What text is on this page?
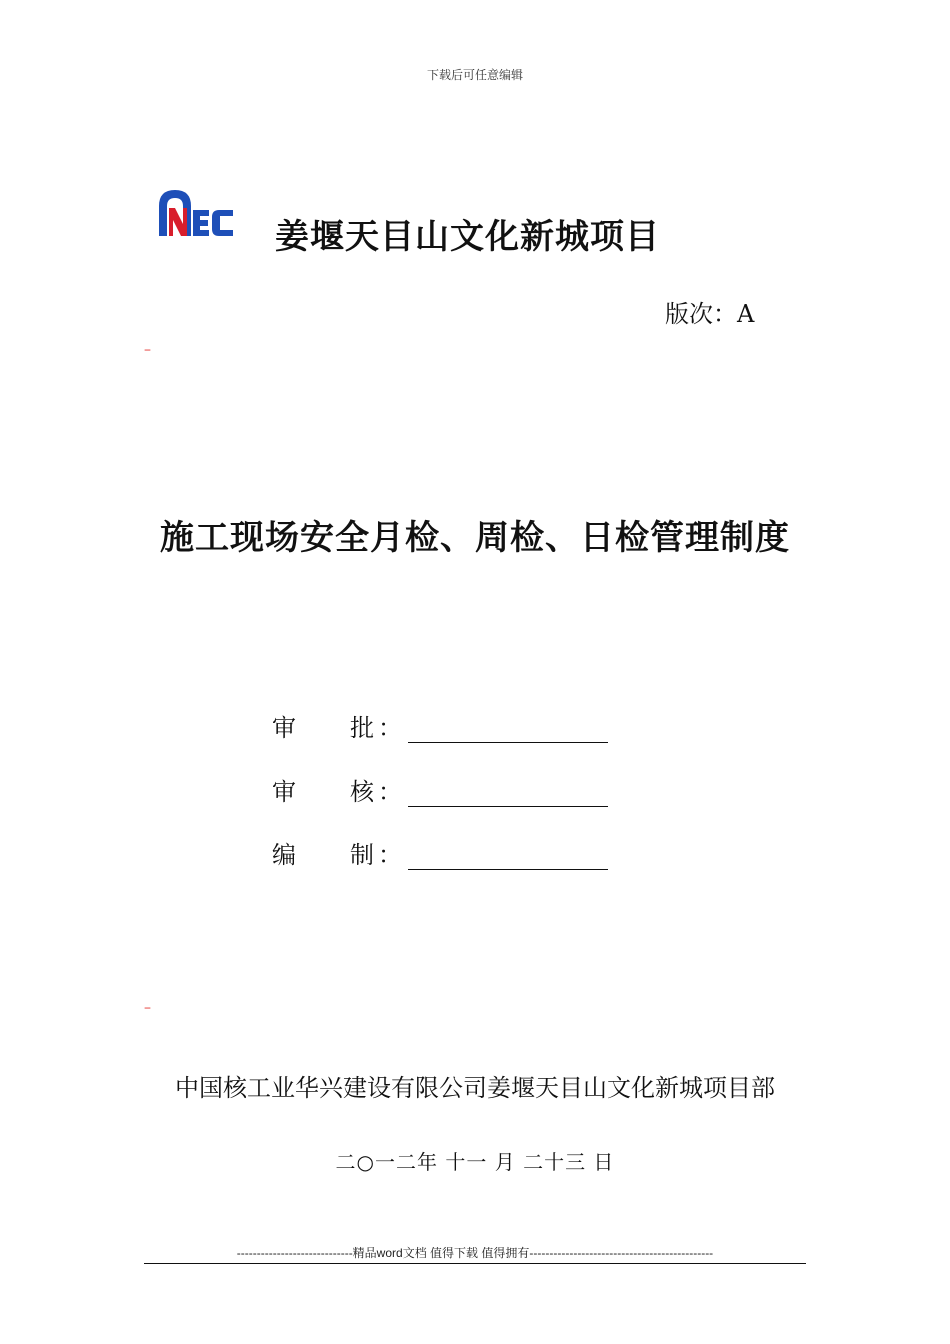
下载后可任意编辑
姜堰天目山文化新城项目
版次：A
–
施工现场安全月检、周检、日检管理制度
审	批 ：
审	核 ：
编	制 ：
–
中国核工业华兴建设有限公司姜堰天目山文化新城项目部
二○一二年 十一 月 二十三 日
-----------------------------精品word文档 值得下载 值得拥有----------------------------------------------
